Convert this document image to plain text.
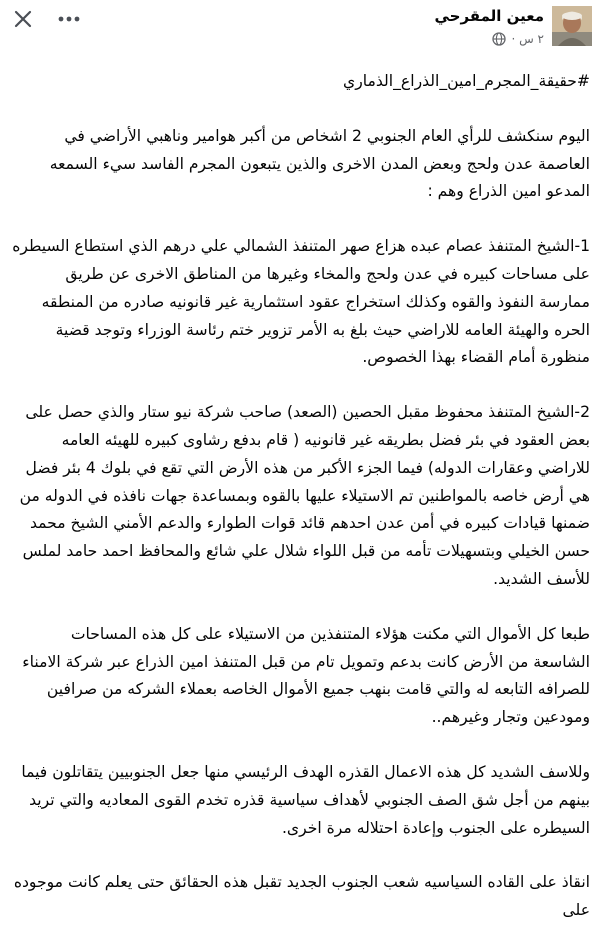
معين المقرحي
٢ س ·

#حقيقة_المجرم_امين_الذراع_الذماري

اليوم سنكشف للرأي العام الجنوبي 2 اشخاص من أكبر هوامير وناهبي الأراضي في العاصمة عدن ولحج وبعض المدن الاخرى والذين يتبعون المجرم الفاسد سيء السمعه المدعو امين الذراع وهم :

1-الشيخ المتنفذ عصام عبده هزاع صهر المتنفذ الشمالي علي درهم الذي استطاع السيطره على مساحات كبيره في عدن ولحج والمخاء وغيرها من المناطق الاخرى عن طريق ممارسة النفوذ والقوه وكذلك استخراج عقود استثمارية غير قانونيه صادره من المنطقه الحره والهيئة العامه للاراضي حيث بلغ به الأمر تزوير ختم رئاسة الوزراء وتوجد قضية منظورة أمام القضاء بهذا الخصوص.

2-الشيخ المتنفذ محفوظ مقبل الحصين (الصعد) صاحب شركة نيو ستار والذي حصل على بعض العقود في بئر فضل بطريقه غير قانونيه ( قام بدفع رشاوى كبيره للهيئه العامه للاراضي وعقارات الدوله) فيما الجزء الأكبر من هذه الأرض التي تقع في بلوك 4 بئر فضل هي أرض خاصه بالمواطنين تم الاستيلاء عليها بالقوه وبمساعدة جهات نافذه في الدوله من ضمنها قيادات كبيره في أمن عدن احدهم قائد قوات الطوارء والدعم الأمني الشيخ محمد حسن الخيلي وبتسهيلات تأمه من قبل اللواء شلال علي شائع والمحافظ احمد حامد لملس للأسف الشديد.

طبعا كل الأموال التي مكنت هؤلاء المتنفذين من الاستيلاء على كل هذه المساحات الشاسعة من الأرض كانت بدعم وتمويل تام من قبل المتنفذ امين الذراع عبر شركة الامناء للصرافه التابعه له والتي قامت بنهب جميع الأموال الخاصه بعملاء الشركه من صرافين ومودعين وتجار وغيرهم..

وللاسف الشديد كل هذه الاعمال القذره الهدف الرئيسي منها جعل الجنوبيين يتقاتلون فيما بينهم من أجل شق الصف الجنوبي لأهداف سياسية قذره تخدم القوى المعاديه والتي تريد السيطره على الجنوب وإعادة احتلاله مرة اخرى.

انقاذ على القاده السياسيه شعب الجنوب الجديد تقبل هذه الحقائق حتى يعلم كانت موجوده على
